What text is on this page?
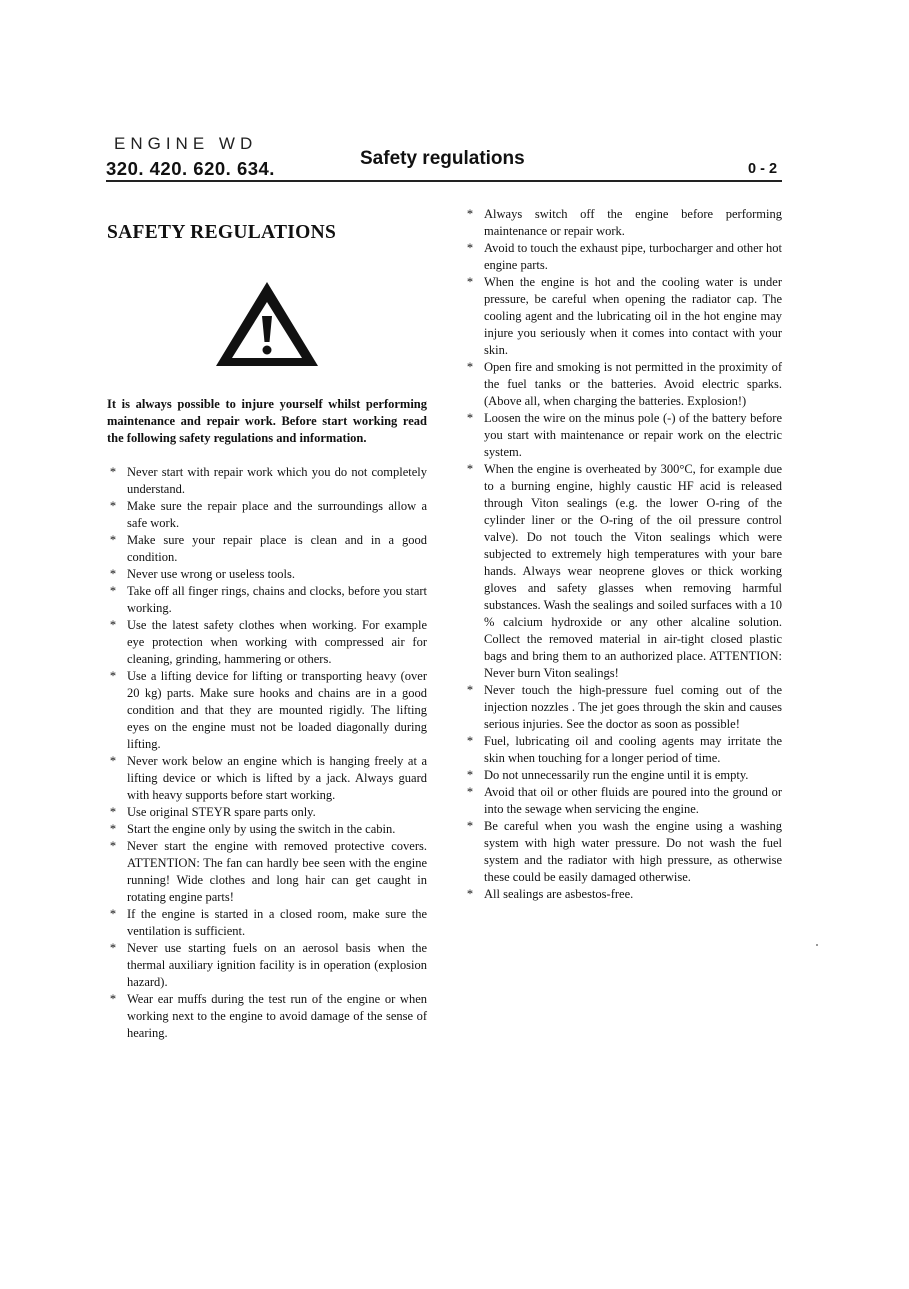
ENGINE WD
320. 420. 620. 634.	Safety regulations	0 - 2
SAFETY REGULATIONS
It is always possible to injure yourself whilst performing maintenance and repair work. Before start working read the following safety regulations and information.
* Never start with repair work which you do not completely understand.
* Make sure the repair place and the surroundings allow a safe work.
* Make sure your repair place is clean and in a good condition.
* Never use wrong or useless tools.
* Take off all finger rings, chains and clocks, before you start working.
* Use the latest safety clothes when working. For example eye protection when working with compressed air for cleaning, grinding, hammering or others.
* Use a lifting device for lifting or transporting heavy (over 20 kg) parts. Make sure hooks and chains are in a good condition and that they are mounted rigidly. The lifting eyes on the engine must not be loaded diagonally during lifting.
* Never work below an engine which is hanging freely at a lifting device or which is lifted by a jack. Always guard with heavy supports before start working.
* Use original STEYR spare parts only.
* Start the engine only by using the switch in the cabin.
* Never start the engine with removed protective covers. ATTENTION: The fan can hardly bee seen with the engine running! Wide clothes and long hair can get caught in rotating engine parts!
* If the engine is started in a closed room, make sure the ventilation is sufficient.
* Never use starting fuels on an aerosol basis when the thermal auxiliary ignition facility is in operation (explosion hazard).
* Wear ear muffs during the test run of the engine or when working next to the engine to avoid damage of the sense of hearing.
* Always switch off the engine before performing maintenance or repair work.
* Avoid to touch the exhaust pipe, turbocharger and other hot engine parts.
* When the engine is hot and the cooling water is under pressure, be careful when opening the radiator cap. The cooling agent and the lubricating oil in the hot engine may injure you seriously when it comes into contact with your skin.
* Open fire and smoking is not permitted in the proximity of the fuel tanks or the batteries. Avoid electric sparks. (Above all, when charging the batteries. Explosion!)
* Loosen the wire on the minus pole (-) of the battery before you start with maintenance or repair work on the electric system.
* When the engine is overheated by 300°C, for example due to a burning engine, highly caustic HF acid is released through Viton sealings (e.g. the lower O-ring of the cylinder liner or the O-ring of the oil pressure control valve). Do not touch the Viton sealings which were subjected to extremely high temperatures with your bare hands. Always wear neoprene gloves or thick working gloves and safety glasses when removing harmful substances. Wash the sealings and soiled surfaces with a 10 % calcium hydroxide or any other alcaline solution. Collect the removed material in air-tight closed plastic bags and bring them to an authorized place. ATTENTION: Never burn Viton sealings!
* Never touch the high-pressure fuel coming out of the injection nozzles . The jet goes through the skin and causes serious injuries. See the doctor as soon as possible!
* Fuel, lubricating oil and cooling agents may irritate the skin when touching for a longer period of time.
* Do not unnecessarily run the engine until it is empty.
* Avoid that oil or other fluids are poured into the ground or into the sewage when servicing the engine.
* Be careful when you wash the engine using a washing system with high water pressure. Do not wash the fuel system and the radiator with high pressure, as otherwise these could be easily damaged otherwise.
* All sealings are asbestos-free.
